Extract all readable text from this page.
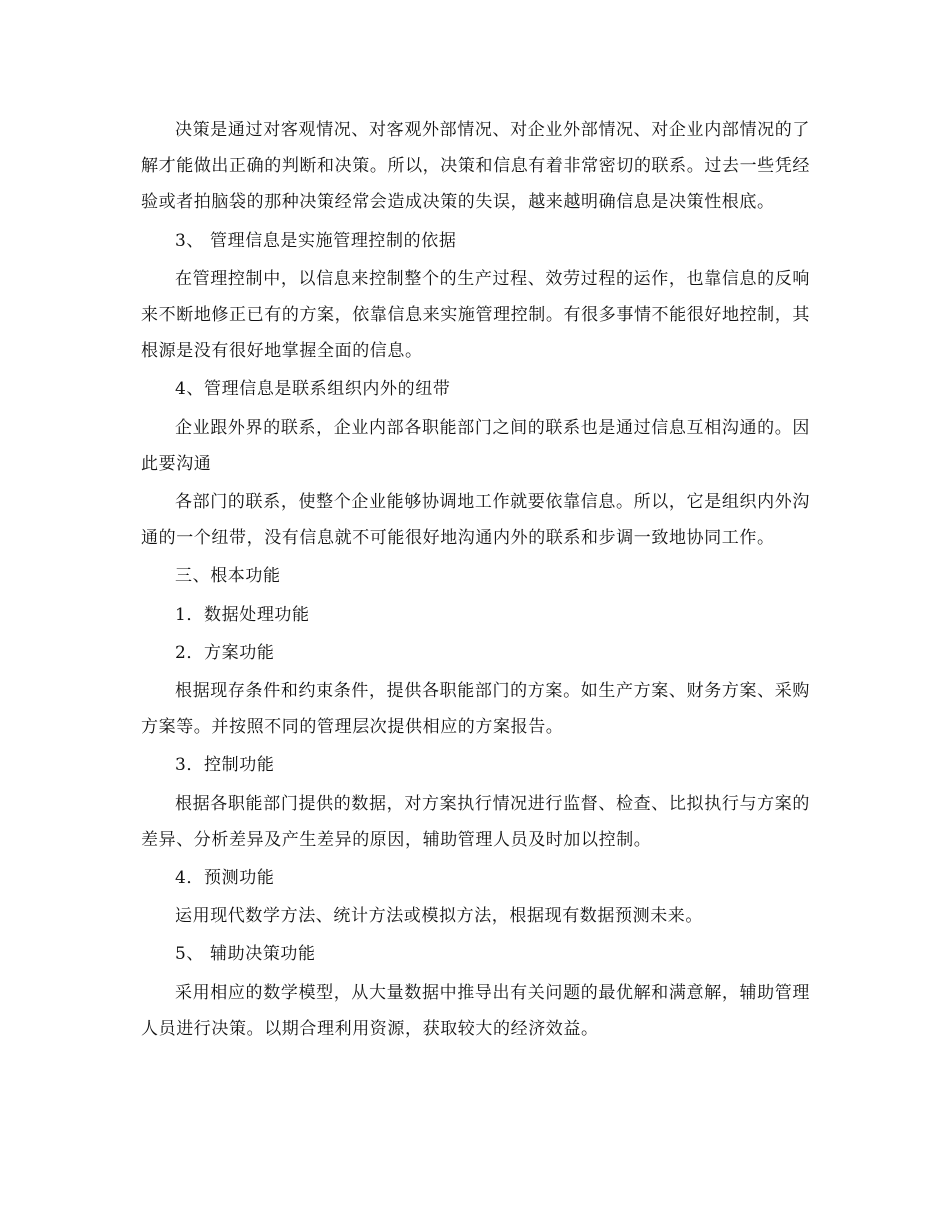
决策是通过对客观情况、对客观外部情况、对企业外部情况、对企业内部情况的了解才能做出正确的判断和决策。所以，决策和信息有着非常密切的联系。过去一些凭经验或者拍脑袋的那种决策经常会造成决策的失误，越来越明确信息是决策性根底。

3、 管理信息是实施管理控制的依据

在管理控制中，以信息来控制整个的生产过程、效劳过程的运作，也靠信息的反响来不断地修正已有的方案，依靠信息来实施管理控制。有很多事情不能很好地控制，其根源是没有很好地掌握全面的信息。

4、管理信息是联系组织内外的纽带

企业跟外界的联系，企业内部各职能部门之间的联系也是通过信息互相沟通的。因此要沟通

各部门的联系，使整个企业能够协调地工作就要依靠信息。所以，它是组织内外沟通的一个纽带，没有信息就不可能很好地沟通内外的联系和步调一致地协同工作。

三、根本功能

1．数据处理功能

2．方案功能

根据现存条件和约束条件，提供各职能部门的方案。如生产方案、财务方案、采购方案等。并按照不同的管理层次提供相应的方案报告。

3．控制功能

根据各职能部门提供的数据，对方案执行情况进行监督、检查、比拟执行与方案的差异、分析差异及产生差异的原因，辅助管理人员及时加以控制。

4．预测功能

运用现代数学方法、统计方法或模拟方法，根据现有数据预测未来。

5、 辅助决策功能

采用相应的数学模型，从大量数据中推导出有关问题的最优解和满意解，辅助管理人员进行决策。以期合理利用资源，获取较大的经济效益。
